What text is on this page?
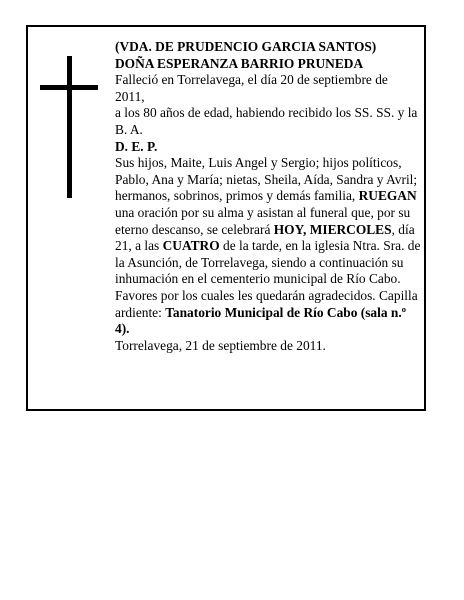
(VDA. DE PRUDENCIO GARCIA SANTOS)

DOÑA ESPERANZA BARRIO PRUNEDA

Falleció en Torrelavega, el día 20 de septiembre de

2011,

a los 80 años de edad, habiendo recibido los SS. SS. y la B. A.

D. E. P.

Sus hijos, Maite, Luis Angel y Sergio; hijos políticos, Pablo, Ana y María; nietas, Sheila, Aída, Sandra y Avril; hermanos, sobrinos, primos y demás familia, RUEGAN una oración por su alma y asistan al funeral que, por su eterno descanso, se celebrará HOY, MIERCOLES, día 21, a las CUATRO de la tarde, en la iglesia Ntra. Sra. de la Asunción, de Torrelavega, siendo a continuación su inhumación en el cementerio municipal de Río Cabo. Favores por los cuales les quedarán agradecidos. Capilla ardiente: Tanatorio Municipal de Río Cabo (sala n.º 4).

Torrelavega, 21 de septiembre de 2011.
